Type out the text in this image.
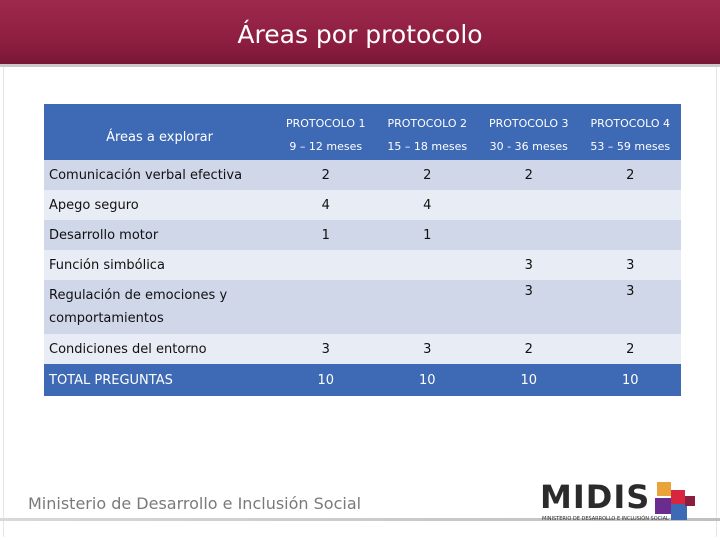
Áreas por protocolo
Áreas a explorar	PROTOCOLO 1	PROTOCOLO 2	PROTOCOLO 3	PROTOCOLO 4
	9 – 12 meses	15 – 18 meses	30 - 36 meses	53 – 59 meses
Comunicación verbal efectiva	2	2	2	2
Apego seguro	4	4		
Desarrollo motor	1	1		
Función simbólica			3	3
Regulación de emociones y comportamientos			3	3
Condiciones del entorno	3	3	2	2
TOTAL PREGUNTAS	10	10	10	10
Ministerio de Desarrollo e Inclusión Social	MIDIS
MINISTERIO DE DESARROLLO E INCLUSIÓN SOCIAL
